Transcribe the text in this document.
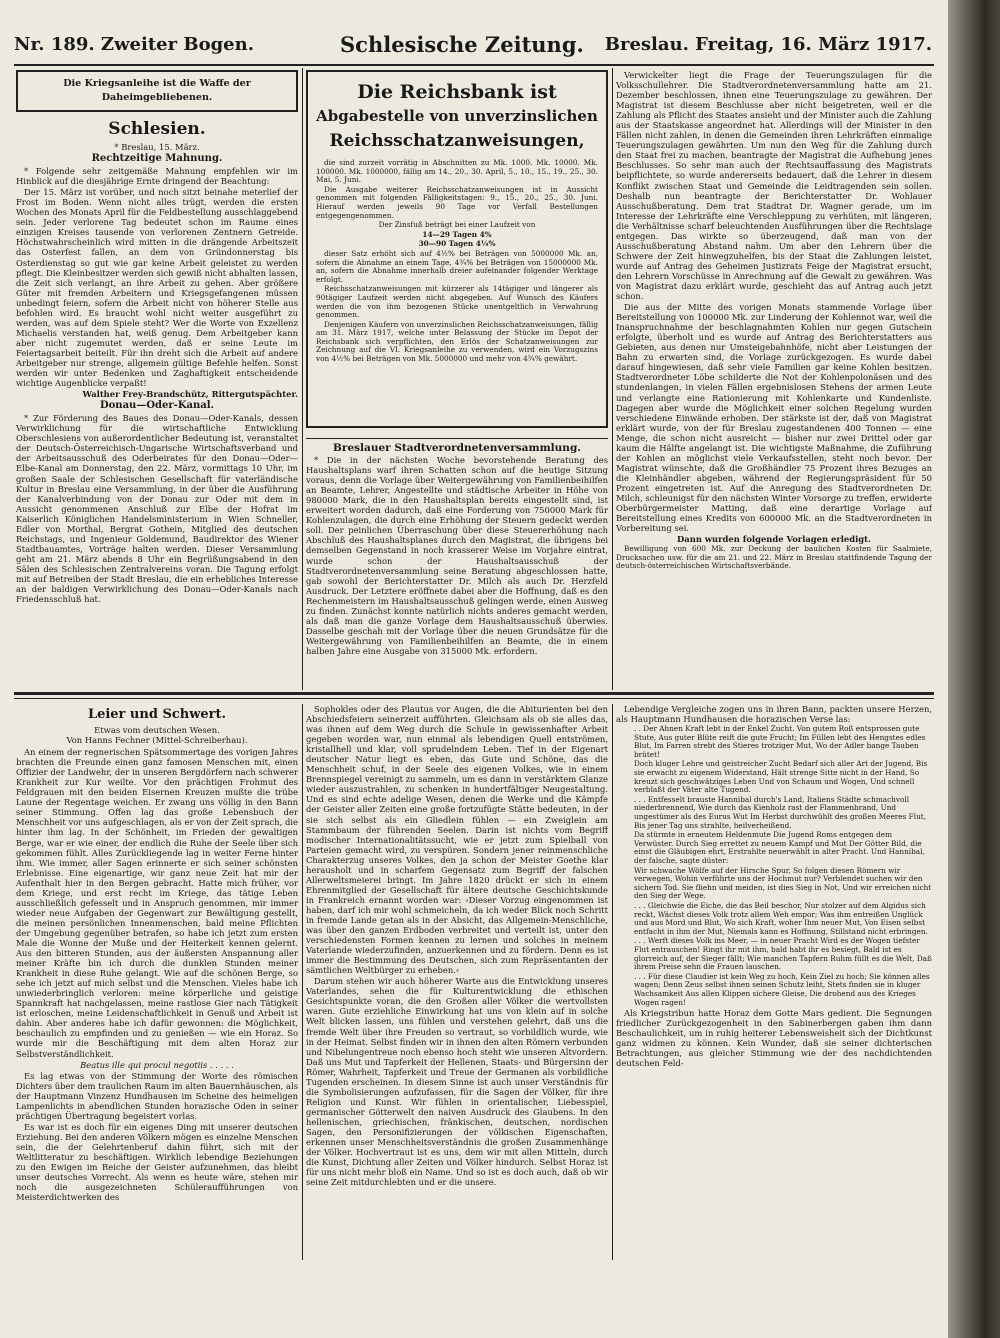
Nr. 189. Zweiter Bogen.	Schlesische Zeitung. Breslau. Freitag, 16. März 1917.
Die Kriegsanleihe ist die Waffe der Daheimgebliebenen.
Schlesien.
* Breslau, 15. März.
Rechtzeitige Mahnung.

* Folgende sehr zeitgemäße Mahnung empfehlen wir im Hinblick auf die diesjährige Ernte dringend der Beachtung:

Der 15. März ist vorüber, und noch sitzt beinahe meterlief der Frost im Boden. Wenn nicht alles trügt, werden die ersten Wochen des Monats April für die Feldbestellung ausschlaggebend sein. Jeder verlorene Tag bedeutet schon im Raume eines einzigen Kreises tausende von verlorenen Zentnern Getreide. Höchstwahrscheinlich wird mitten in die drängende Arbeitszeit das Osterfest fallen, an dem von Gründonnerstag bis Osterdienstag so gut wie gar keine Arbeit geleistet zu werden pflegt. Die Kleinbesitzer werden sich gewiß nicht abhalten lassen, die Zeit sich verlangt, an ihre Arbeit zu gehen. Aber größere Güter mit fremden Arbeitern und Kriegsgefangenen müssen unbedingt feiern, sofern die Arbeit nicht von höherer Stelle aus befohlen wird. Es braucht wohl nicht weiter ausgeführt zu werden, was auf dem Spiele steht? Wer die Worte von Exzellenz Michaelis verstanden hat, weiß genug. Dem Arbeitgeber kann aber nicht zugemutet werden, daß er seine Leute im Feiertagsarbeit beiteilt. Für ihn dreht sich die Arbeit auf andere Arbeitgeber nur strenge, allgemein gültige Befehle helfen. Sonst werden wir unter Bedenken und Zaghaftigkeit entscheidende wichtige Augenblicke verpaßt!

Walther Frey-Brandschütz, Rittergutspächter.

Donau—Oder-Kanal.

* Zur Förderung des Baues des Donau—Oder-Kanals, dessen Verwirklichung für die wirtschaftliche Entwicklung Oberschlesiens von außerordentlicher Bedeutung ist, veranstaltet der Deutsch-Österreichisch-Ungarische Wirtschaftsverband und der Arbeitsausschuß des Oderbeirates für den Donau—Oder—Elbe-Kanal am Donnerstag, den 22. März, vormittags 10 Uhr, im großen Saale der Schlesischen Gesellschaft für vaterländische Kultur in Breslau eine Versammlung, in der über die Ausführung der Kanalverbindung von der Donau zur Oder mit dem in Aussicht genommenen Anschluß zur Elbe der Hofrat im Kaiserlich Königlichen Handelsministerium in Wien Schneller, Edler von Morthal, Bergrat Gothein, Mitglied des deutschen Reichstags, und Ingenieur Goldemund, Baudirektor des Wiener Stadtbauamtes, Vorträge halten werden. Dieser Versammlung geht am 21. März abends 8 Uhr ein Begrüßungsabend in den Sälen des Schlesischen Zentralvereins voran. Die Tagung erfolgt mit auf Betreiben der Stadt Breslau, die ein erhebliches Interesse an der baldigen Verwirklichung des Donau—Oder-Kanals nach Friedensschluß hat.

Die Reichsbank ist
Abgabestelle von unverzinslichen
Reichsschatzanweisungen,

die sind zurzeit vorrätig in Abschnitten zu Mk. 1000. Mk. 10000. Mk. 100000. Mk. 1000000, fällig am 14., 20., 30. April, 5., 10., 15., 19., 25., 30. Mai, 5. Juni.

Die Ausgabe weiterer Reichsschatzanweisungen ist in Aussicht genommen mit folgenden Fälligkeitstagen: 9., 15., 20., 25., 30. Juni. Hierauf werden jeweils 90 Tage vor Verfall Bestellungen entgegengenommen.

Der Zinsfuß beträgt bei einer Laufzeit von

14—29 Tagen 4%

30—90 Tagen 4¼%

dieser Satz erhöht sich auf 4½% bei Beträgen von 5000000 Mk. an, sofern die Abnahme an einem Tage, 4¾% bei Beträgen von 15000000 Mk. an, sofern die Abnahme innerhalb dreier aufeinander folgender Werktage erfolgt.

Reichsschatzanweisungen mit kürzerer als 14tägiger und längerer als 90tägiger Laufzeit werden nicht abgegeben. Auf Wunsch des Käufers werden die von ihm bezogenen Stücke unentgeltlich in Verwahrung genommen.

Denjenigen Käufern von unverzinslichen Reichsschatzanweisungen, fällig am 31. März 1917, welche unter Belassung der Stücke im Depot der Reichsbank sich verpflichten, den Erlös der Schatzanweisungen zur Zeichnung auf die VI. Kriegsanleihe zu verwenden, wird ein Vorzugszins von 4½% bei Beträgen von Mk. 5000000 und mehr von 4¾% gewährt.

Breslauer Stadtverordnetenversammlung.

* Die in der nächsten Woche bevorstehende Beratung des Haushaltsplans warf ihren Schatten schon auf die heutige Sitzung voraus, denn die Vorlage über Weitergewährung von Familienbeihilfen an Beamte, Lehrer, Angestellte und städtische Arbeiter in Höhe von 980000 Mark, die in den Haushaltsplan bereits eingestellt sind, ist erweitert worden dadurch, daß eine Forderung von 750000 Mark für Kohlenzulagen, die durch eine Erhöhung der Steuern gedeckt werden soll. Der peinlichen Überraschung über diese Steuererhöhung nach Abschluß des Haushaltsplanes durch den Magistrat, die übrigens bei demselben Gegenstand in noch krasserer Weise im Vorjahre eintrat, wurde schon der Haushaltsausschuß der Stadtverordnetenversammlung seine Beratung abgeschlossen hatte, gab sowohl der Berichterstatter Dr. Milch als auch Dr. Herzfeld Ausdruck. Der Letztere eröffnete dabei aber die Hoffnung, daß es den Rechenmeistern im Haushaltsausschuß gelingen werde, einen Ausweg zu finden. Zunächst konnte natürlich nichts anderes gemacht werden, als daß man die ganze Vorlage dem Haushaltsausschuß überwies. Dasselbe geschah mit der Vorlage über die neuen Grundsätze für die Weitergewährung von Familienbeihilfen an Beamte, die in einem halben Jahre eine Ausgabe von 315000 Mk. erfordern.

Verwickelter liegt die Frage der Teuerungszulagen für die Volksschullehrer. Die Stadtverordnetenversammlung hatte am 21. Dezember beschlossen, ihnen eine Teuerungszulage zu gewähren. Der Magistrat ist diesem Beschlusse aber nicht beigetreten, weil er die Zahlung als Pflicht des Staates ansieht und der Minister auch die Zahlung aus der Staatskasse angeordnet hat. Allerdings will der Minister in den Fällen nicht zahlen, in denen die Gemeinden ihren Lehrkräften einmalige Teuerungszulagen gewährten. Um nun den Weg für die Zahlung durch den Staat frei zu machen, beantragte der Magistrat die Aufhebung jenes Beschlusses. So sehr man auch der Rechtsauffassung des Magistrats beipflichtete, so wurde andererseits bedauert, daß die Lehrer in diesem Konflikt zwischen Staat und Gemeinde die Leidtragenden sein sollen. Deshalb nun beantragte der Berichterstatter Dr. Wohlauer Ausschußberatung. Dem trat Stadtrat Dr. Wagner gerade, um im Interesse der Lehrkräfte eine Verschleppung zu verhüten, mit längeren, die Verhältnisse scharf beleuchtenden Ausführungen über die Rechtslage entgegen. Das wirkte so überzeugend, daß man von der Ausschußberatung Abstand nahm. Um aber den Lehrern über die Schwere der Zeit hinwegzuhelfen, bis der Staat die Zahlungen leistet, wurde auf Antrag des Geheimen Justizrats Feige der Magistrat ersucht, den Lehrern Vorschüsse in Anrechnung auf die Gewalt zu gewähren. Was von Magistrat dazu erklärt wurde, geschieht das auf Antrag auch jetzt schon.

Die aus der Mitte des vorigen Monats stammende Vorlage über Bereitstellung von 100000 Mk. zur Linderung der Kohlennot war, weil die Inanspruchnahme der beschlagnahmten Kohlen nur gegen Gutschein erfolgte, überholt und es wurde auf Antrag des Berichterstatters aus Gebieten, aus denen nur Umsteigebahnhöfe, nicht aber Leistungen der Bahn zu erwarten sind, die Vorlage zurückgezogen. Es wurde dabei darauf hingewiesen, daß sehr viele Familien gar keine Kohlen besitzen. Stadtverordneter Löbe schilderte die Not der Kohlenpolonäsen und des stundenlangen, in vielen Fällen ergebnislosen Stehens der armen Leute und verlangte eine Rationierung mit Kohlenkarte und Kundenliste. Dagegen aber wurde die Möglichkeit einer solchen Regelung wurden verschiedene Einwände erhoben. Der stärkste ist der, daß von Magistrat erklärt wurde, von der für Breslau zugestandenen 400 Tonnen — eine Menge, die schon nicht ausreicht — bisher nur zwei Drittel oder gar kaum die Hälfte angelangt ist. Die wichtigste Maßnahme, die Zuführung der Kohlen an möglichst viele Verkaufsstellen, steht noch bevor. Der Magistrat wünschte, daß die Großhändler 75 Prozent ihres Bezuges an die Kleinhändler abgeben, während der Regierungspräsident für 50 Prozent eingetreten ist. Auf die Anregung des Stadtverordneten Dr. Milch, schleunigst für den nächsten Winter Vorsorge zu treffen, erwiderte Oberbürgermeister Matting, daß eine derartige Vorlage auf Bereitstellung eines Kredits von 600000 Mk. an die Stadtverordneten in Vorbereitung sei.

Dann wurden folgende Vorlagen erledigt.

Bewilligung von 600 Mk. zur Deckung der baulichen Kosten für Saalmiete, Drucksachen usw. für die am 21. und 22. März in Breslau stattfindende Tagung der deutsch-österreichischen Wirtschaftsverbände.

Leier und Schwert.
Etwas vom deutschen Wesen.
Von Hanns Fechner (Mittel-Schreiberhau).

An einem der regnerischen Spätsommertage des vorigen Jahres brachten die Freunde einen ganz famosen Menschen mit, einen Offizier der Landwehr, der in unseren Bergdörfern nach schwerer Krankheit zur Kur weilte. Vor den prächtigen Frohmut des Feldgrauen mit den beiden Eisernen Kreuzen mußte die trübe Laune der Regentage weichen. Er zwang uns völlig in den Bann seiner Stimmung. Offen lag das große Lebensbuch der Menschheit vor uns aufgeschlagen, als er von der Zeit sprach, die hinter ihm lag. In der Schönheit, im Frieden der gewaltigen Berge, war er wie einer, der endlich die Ruhe der Seele über sich gekommen fühlt. Alles Zurückliegende lag in weiter Ferne hinter ihm. Wie immer, aller Sagen erinnerte er sich seiner schönsten Erlebnisse. Eine eigenartige, wir ganz neue Zeit hat mir der Aufenthalt hier in den Bergen gebracht. Hatte mich früher, vor dem Kriege, und erst recht im Kriege, das tätige Leben ausschließlich gefesselt und in Anspruch genommen, mir immer wieder neue Aufgaben der Gegenwart zur Bewältigung gestellt, die meinen persönlichen Innenmenschen, bald meine Pflichten der Umgebung gegenüber betrafen, so habe ich jetzt zum ersten Male die Wonne der Muße und der Heiterkeit kennen gelernt. Aus den bitteren Stunden, aus der äußersten Anspannung aller meiner Kräfte bin ich durch die dunklen Stunden meiner Krankheit in diese Ruhe gelangt. Wie auf die schönen Berge, so sehe ich jetzt auf mich selbst und die Menschen. Vieles habe ich unwiederbringlich verloren: meine körperliche und geistige Spannkraft hat nachgelassen, meine rastlose Gier nach Tätigkeit ist erloschen, meine Leidenschaftlichkeit in Genuß und Arbeit ist dahin. Aber anderes habe ich dafür gewonnen: die Möglichkeit, beschaulich zu empfinden und zu genießen — wie ein Horaz. So wurde mir die Beschäftigung mit dem alten Horaz zur Selbstverständlichkeit.

Beatus ille qui procul negotiis . . . . .

Es lag etwas von der Stimmung der Worte des römischen Dichters über dem traulichen Raum im alten Bauernhäuschen, als der Hauptmann Vinzenz Hundhausen im Scheine des heimeligen Lampenlichts in abendlichen Stunden horazische Oden in seiner prächtigen Übertragung begeistert vorlas.

Es war ist es doch für ein eigenes Ding mit unserer deutschen Erziehung. Bei den anderen Völkern mögen es einzelne Menschen sein, die der Gelehrtenberuf dahin führt, sich mit der Weltlitteratur zu beschäftigen. Wirklich lebendige Beziehungen zu den Ewigen im Reiche der Geister aufzunehmen, das bleibt unser deutsches Vorrecht. Als wenn es heute wäre, stehen mir noch die ausgezeichneten Schüleraufführungen von Meisterdichtwerken des

Sophokles oder des Plautus vor Augen, die die Abiturienten bei den Abschiedsfeiern seinerzeit aufführten. Gleichsam als ob sie alles das, was ihnen auf dem Weg durch die Schule in gewissenhafter Arbeit gegeben worden war, nun einmal als lebendigen Quell entströmen, kristallhell und klar, voll sprudelndem Leben. Tief in der Eigenart deutscher Natur liegt es eben, das Gute und Schöne, das die Menschheit schuf, in der Seele des eigenen Volkes, wie in einem Brennspiegel vereinigt zu sammeln, um es dann in verstärktem Glanze wieder auszustrahlen, zu schenken in hundertfältiger Neugestaltung. Und es sind echte adelige Wesen, denen die Werke und die Kämpfe der Geister aller Zeiten eine große fortzufügte Stätte bedeuten, in der sie sich selbst als ein Gliedlein fühlen — ein Zweiglein am Stammbaum der führenden Seelen. Darin ist nichts vom Begriff modischer Internationalitätssucht, wie er jetzt zum Spielball von Parteien gemacht wird, zu verspüren. Sondern jener reinmenschliche Charakterzug unseres Volkes, den ja schon der Meister Goethe klar herausholt und in scharfem Gegensatz zum Begriff der falschen Allerweltsmeierei bringt. Im Jahre 1820 drückt er sich in einem Ehrenmitglied der Gesellschaft für ältere deutsche Geschichtskunde in Frankreich ernannt worden war: ›Dieser Vorzug eingenommen ist haben, darf ich mir wohl schmeicheln, da ich weder Blick noch Schritt in fremde Lande getan als in der Absicht, das Allgemein-Menschliche, was über den ganzen Erdboden verbreitet und verteilt ist, unter den verschiedensten Formen kennen zu lernen und solches in meinem Vaterlande wiederzufinden, anzuerkennen und zu fördern. Denn es ist immer die Bestimmung des Deutschen, sich zum Repräsentanten der sämtlichen Weltbürger zu erheben.‹

Darum stehen wir auch höherer Warte aus die Entwicklung unseres Vaterlandes, sehen die für Kulturentwicklung die ethischen Gesichtspunkte voran, die den Großen aller Völker die wertvollsten waren. Gute erziehliche Einwirkung hat uns von klein auf in solche Welt blicken lassen, uns fühlen und verstehen gelehrt, daß uns die fremde Welt über ihre Freuden so vertraut, so vorbildlich wurde, wie in der Heimat. Selbst finden wir in ihnen den alten Römern verbunden und Nibelungentreue noch ebenso hoch steht wie unseren Altvordern. Daß uns Mut und Tapferkeit der Hellenen, Staats- und Bürgersinn der Römer, Wahrheit, Tapferkeit und Treue der Germanen als vorbildliche Tugenden erscheinen. In diesem Sinne ist auch unser Verständnis für die Symbolisierungen aufzufassen, für die Sagen der Völker, für ihre Religion und Kunst. Wir fühlen in orientalischer, Liebesspiel, germanischer Götterwelt den naiven Ausdruck des Glaubens. In den hellenischen, griechischen, fränkischen, deutschen, nordischen Sagen, den Personifizierungen der völkischen Eigenschaften, erkennen unser Menschheitsverständnis die großen Zusammenhänge der Völker. Hochvertraut ist es uns, dem wir mit allen Mitteln, durch die Kunst, Dichtung aller Zeiten und Völker hindurch. Selbst Horaz ist für uns nicht mehr bloß ein Name. Und so ist es doch auch, daß ob wir seine Zeit mitdurchlebten und er die unsere.

Lebendige Vergleiche zogen uns in ihren Bann, packten unsere Herzen, als Hauptmann Hundhausen die horazischen Verse las:

. . Der Ahnen Kraft lebt in der Enkel Zucht. Von gutem Roß entsprossen gute Stute, Aus guter Blüte reift die gute Frucht; Im Füllen lebt des Hengstes edles Blut, Im Farren strebt des Stieres trotziger Mut, Wo der Adler bange Tauben brütet!

Doch kluger Lehre und geistreicher Zucht Bedarf sich aller Art der Jugend, Bis sie erwacht zu eigenem Widerstand, Hält strenge Sitte nicht in der Hand, So kreuzt sich geschwätziges Leben Und von Schaum und Wogen, Und schnell verblaßt der Väter alte Tugend.

. . . Entfesselt brauste Hannibal durch's Land, Italiens Städte schmachvoll niederbrennend, Wie durch das Kienholz rast der Flammenbrand, Und ungestümer als des Eurus Wut Im Herbst durchwühlt des großen Meeres Flut, Bis jener Tag uns strahlte, heilverheißend.

Da stürmte in erneutem Heldenmute Die Jugend Roms entgegen dem Verwüster. Durch Sieg errettet zu neuem Kampf und Mut Der Götter Bild, die einst die Gläubigen ehrt, Erstrahlte neuerwählt in alter Pracht. Und Hannibal, der falsche, sagte düster:

Wir schwache Wölfe auf der Hirsche Spur, So folgen diesen Römern wir verwegen, Wohin verführte uns der Hochmut nur? Verblendet suchen wir den sichern Tod. Sie fliehn und meiden, ist dies Sieg in Not, Und wir erreichen nicht den Sieg der Wege.

. . . Gleichwie die Eiche, die das Beil beschor, Nur stolzer auf dem Algidus sich reckt, Wächst dieses Volk trotz allem Weh empor; Was ihm entreißen Unglück und aus Mord und Blut, Wo sich Kraft, woher Ihm neuer Mut, Von Eisen selbst entfacht in ihm der Mut, Niemals kann es Hoffnung, Stillstand nicht erbringen.

. . . Werft dieses Volk ins Meer, — in neuer Pracht Wird es der Wogen tiefster Flut entrauschen! Ringt ihr mit ihm, bald habt ihr es besiegt, Bald ist es glorreich auf, der Sieger fällt; Wie manchen Tapfern Ruhm füllt es die Welt, Daß ihrem Preise sehn die Frauen lauschen.

. . . Für diese Claudier ist kein Weg zu hoch, Kein Ziel zu hoch; Sie können alles wagen; Denn Zeus selbst ihnen seinen Schutz leiht, Stets finden sie in kluger Wachsamkeit Aus allen Klippen sichere Gleise, Die drohend aus des Krieges Wogen ragen!

Als Kriegstribun hatte Horaz dem Gotte Mars gedient. Die Segnungen friedlicher Zurückgezogenheit in den Sabinerbergen gaben ihm dann Beschaulichkeit, um in ruhig heiterer Lebensweisheit sich der Dichtkunst ganz widmen zu können. Kein Wunder, daß sie seiner dichterischen Betrachtungen, aus gleicher Stimmung wie der des nachdichtenden deutschen Feld-
